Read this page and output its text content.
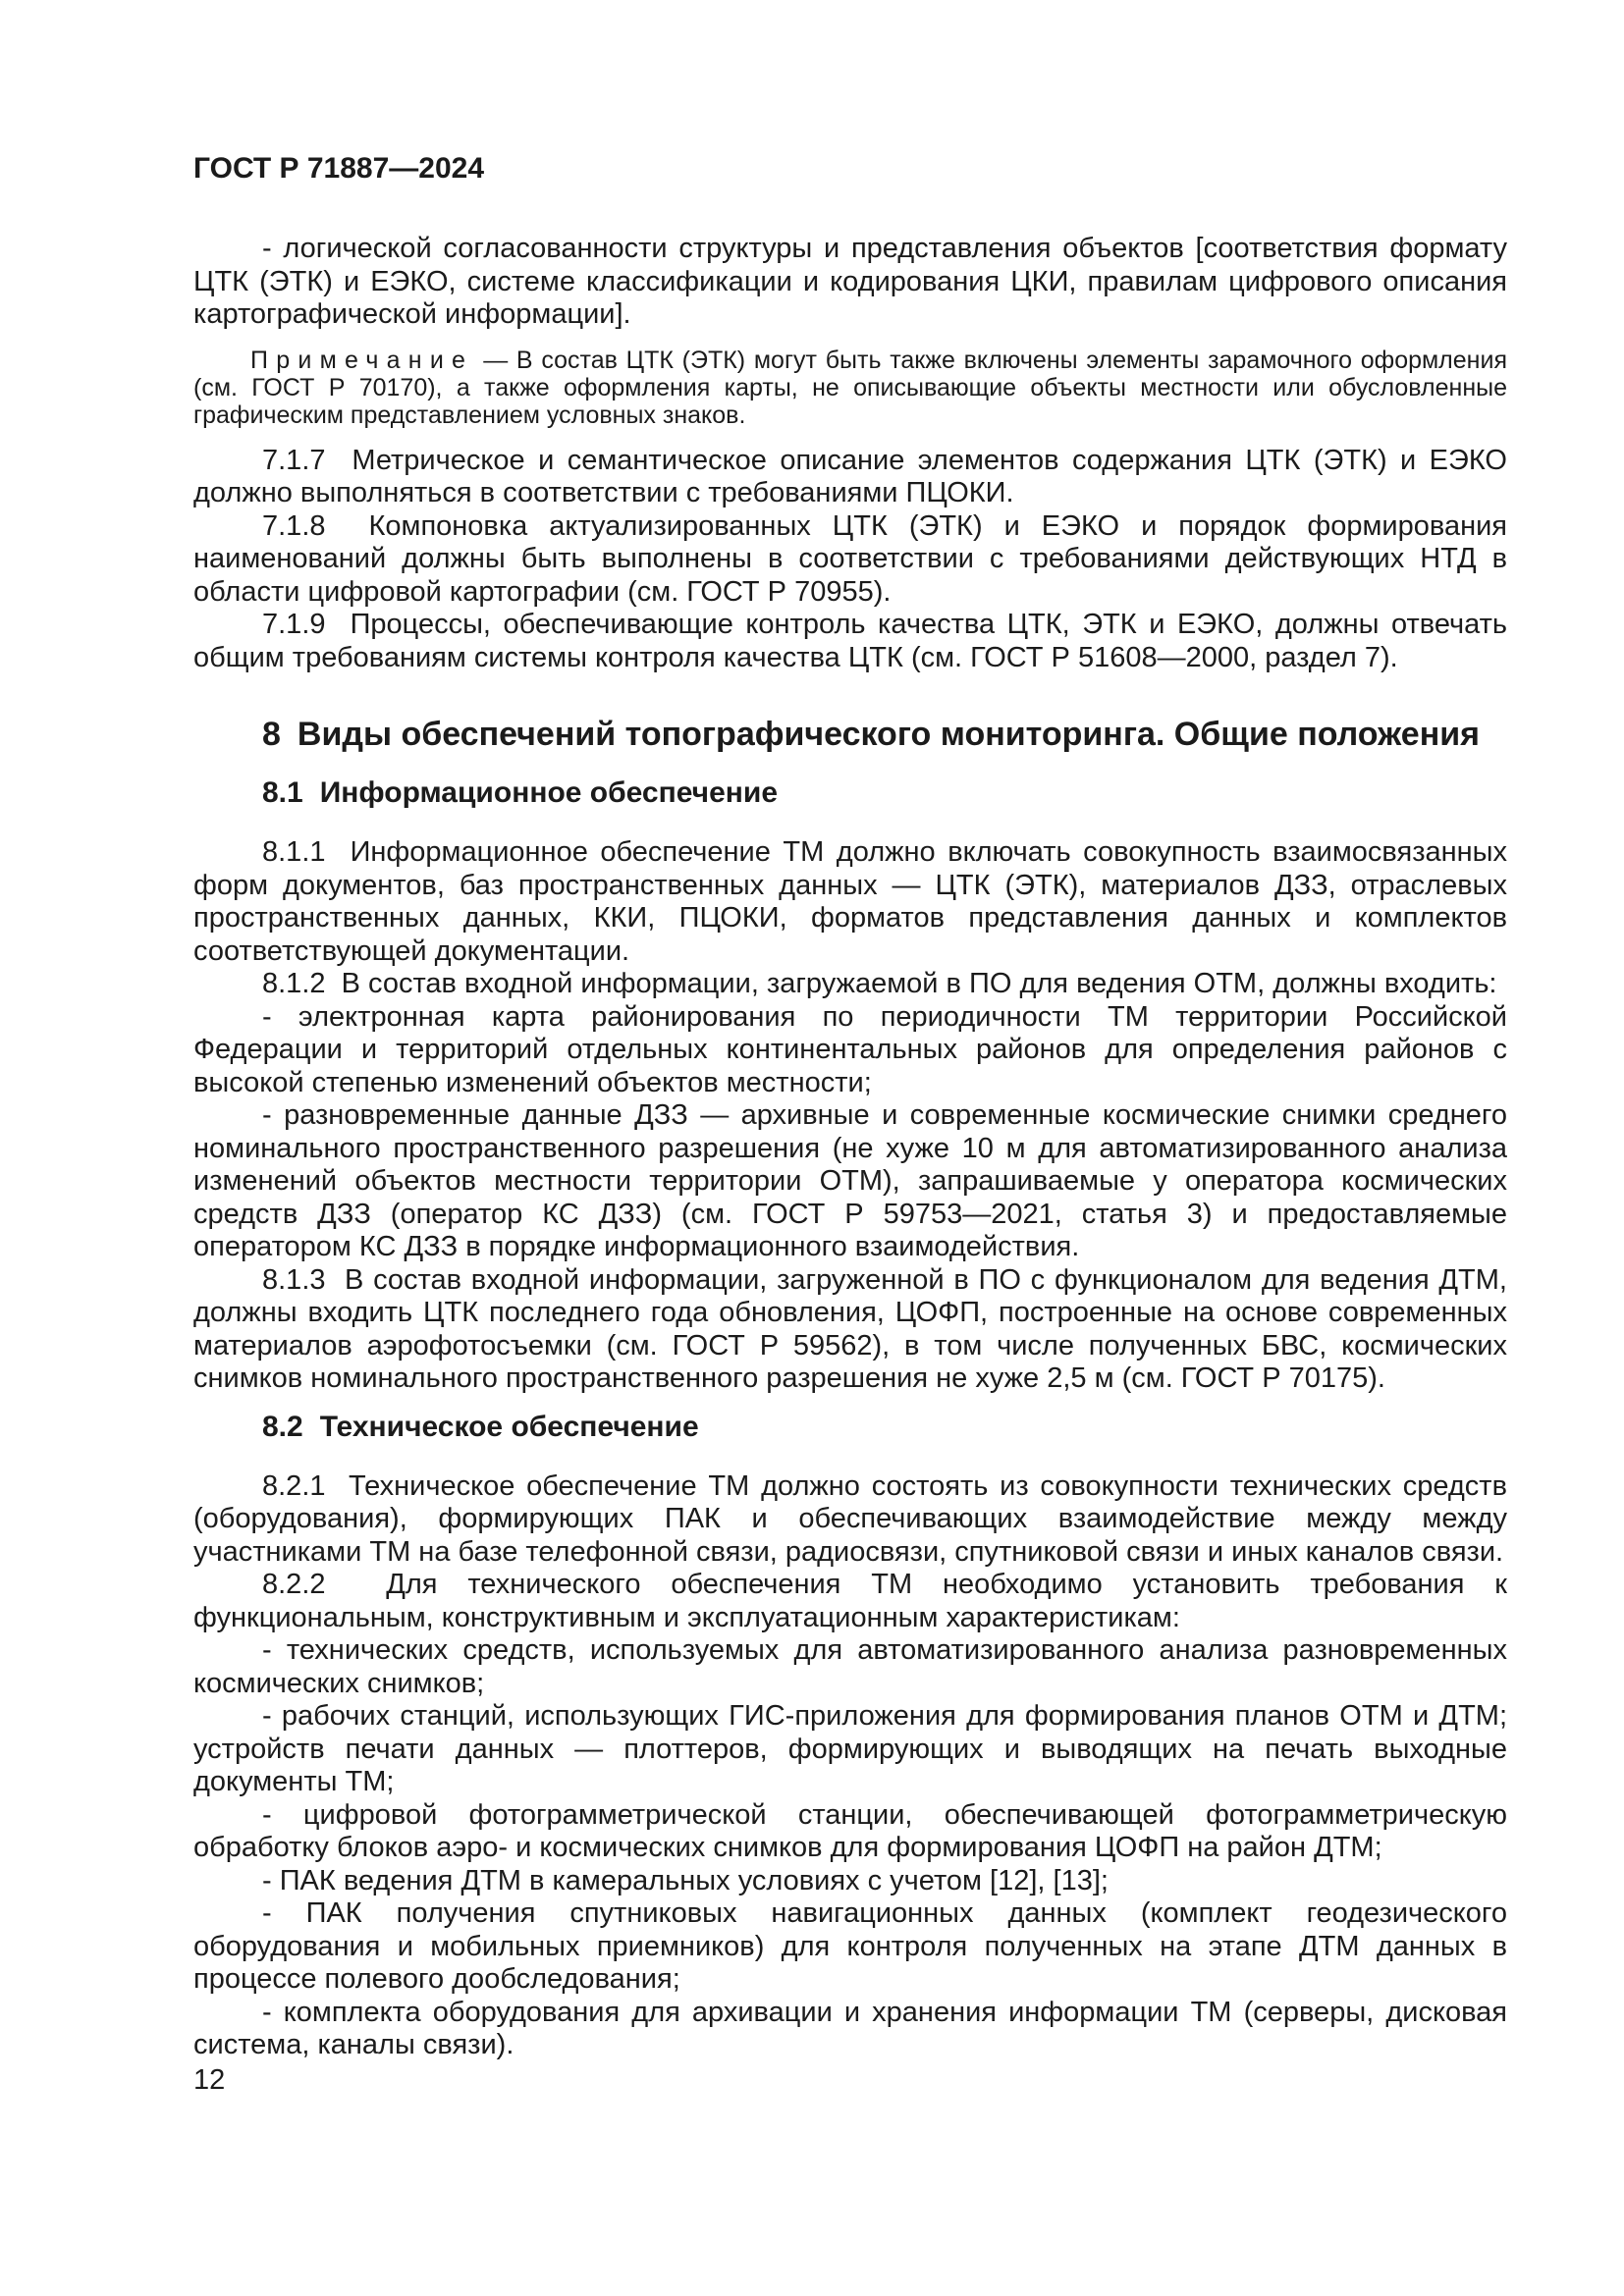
ГОСТ Р 71887—2024

- логической согласованности структуры и представления объектов [соответствия формату ЦТК (ЭТК) и ЕЭКО, системе классификации и кодирования ЦКИ, правилам цифрового описания картографической информации].

Примечание — В состав ЦТК (ЭТК) могут быть также включены элементы зарамочного оформления (см. ГОСТ Р 70170), а также оформления карты, не описывающие объекты местности или обусловленные графическим представлением условных знаков.

7.1.7  Метрическое и семантическое описание элементов содержания ЦТК (ЭТК) и ЕЭКО должно выполняться в соответствии с требованиями ПЦОКИ.

7.1.8  Компоновка актуализированных ЦТК (ЭТК) и ЕЭКО и порядок формирования наименований должны быть выполнены в соответствии с требованиями действующих НТД в области цифровой картографии (см. ГОСТ Р 70955).

7.1.9  Процессы, обеспечивающие контроль качества ЦТК, ЭТК и ЕЭКО, должны отвечать общим требованиям системы контроля качества ЦТК (см. ГОСТ Р 51608—2000, раздел 7).

8 Виды обеспечений топографического мониторинга. Общие положения
8.1 Информационное обеспечение

8.1.1  Информационное обеспечение ТМ должно включать совокупность взаимосвязанных форм документов, баз пространственных данных — ЦТК (ЭТК), материалов ДЗЗ, отраслевых пространственных данных, ККИ, ПЦОКИ, форматов представления данных и комплектов соответствующей документации.

8.1.2  В состав входной информации, загружаемой в ПО для ведения ОТМ, должны входить:

- электронная карта районирования по периодичности ТМ территории Российской Федерации и территорий отдельных континентальных районов для определения районов с высокой степенью изменений объектов местности;

- разновременные данные ДЗЗ — архивные и современные космические снимки среднего номинального пространственного разрешения (не хуже 10 м для автоматизированного анализа изменений объектов местности территории ОТМ), запрашиваемые у оператора космических средств ДЗЗ (оператор КС ДЗЗ) (см. ГОСТ Р 59753—2021, статья 3) и предоставляемые оператором КС ДЗЗ в порядке информационного взаимодействия.

8.1.3  В состав входной информации, загруженной в ПО с функционалом для ведения ДТМ, должны входить ЦТК последнего года обновления, ЦОФП, построенные на основе современных материалов аэрофотосъемки (см. ГОСТ Р 59562), в том числе полученных БВС, космических снимков номинального пространственного разрешения не хуже 2,5 м (см. ГОСТ Р 70175).

8.2 Техническое обеспечение

8.2.1  Техническое обеспечение ТМ должно состоять из совокупности технических средств (оборудования), формирующих ПАК и обеспечивающих взаимодействие между между участниками ТМ на базе телефонной связи, радиосвязи, спутниковой связи и иных каналов связи.

8.2.2  Для технического обеспечения ТМ необходимо установить требования к функциональным, конструктивным и эксплуатационным характеристикам:

- технических средств, используемых для автоматизированного анализа разновременных космических снимков;

- рабочих станций, использующих ГИС-приложения для формирования планов ОТМ и ДТМ; устройств печати данных — плоттеров, формирующих и выводящих на печать выходные документы ТМ;

- цифровой фотограмметрической станции, обеспечивающей фотограмметрическую обработку блоков аэро- и космических снимков для формирования ЦОФП на район ДТМ;

- ПАК ведения ДТМ в камеральных условиях с учетом [12], [13];

- ПАК получения спутниковых навигационных данных (комплект геодезического оборудования и мобильных приемников) для контроля полученных на этапе ДТМ данных в процессе полевого дообследования;

- комплекта оборудования для архивации и хранения информации ТМ (серверы, дисковая система, каналы связи).

12
